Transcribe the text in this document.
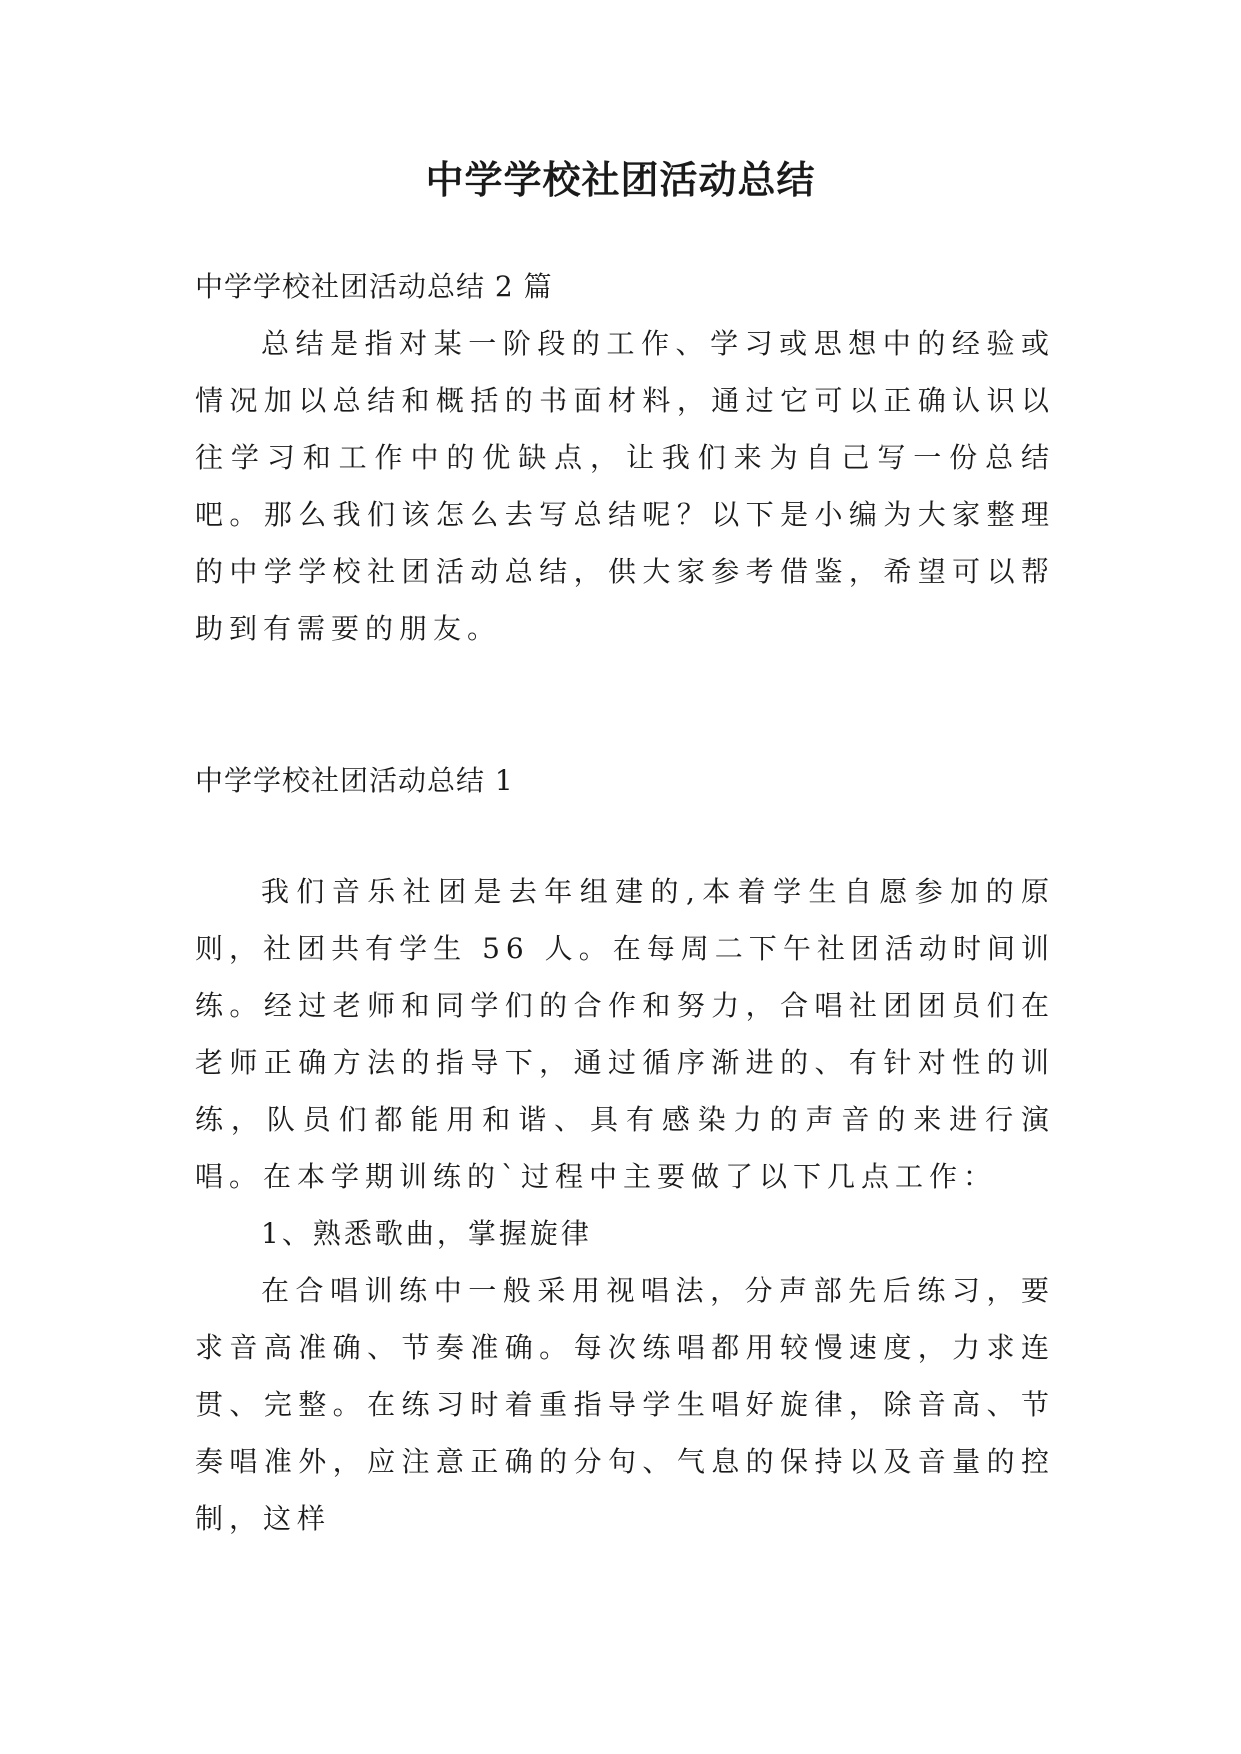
中学学校社团活动总结

中学学校社团活动总结 2 篇

总结是指对某一阶段的工作、学习或思想中的经验或情况加以总结和概括的书面材料，通过它可以正确认识以往学习和工作中的优缺点，让我们来为自己写一份总结吧。那么我们该怎么去写总结呢？以下是小编为大家整理的中学学校社团活动总结，供大家参考借鉴，希望可以帮助到有需要的朋友。

中学学校社团活动总结 1

我们音乐社团是去年组建的,本着学生自愿参加的原则，社团共有学生 56 人。在每周二下午社团活动时间训练。经过老师和同学们的合作和努力，合唱社团团员们在老师正确方法的指导下，通过循序渐进的、有针对性的训练，队员们都能用和谐、具有感染力的声音的来进行演唱。在本学期训练的`过程中主要做了以下几点工作：

1、熟悉歌曲，掌握旋律

在合唱训练中一般采用视唱法，分声部先后练习，要求音高准确、节奏准确。每次练唱都用较慢速度，力求连贯、完整。在练习时着重指导学生唱好旋律，除音高、节奏唱准外，应注意正确的分句、气息的保持以及音量的控制，这样
